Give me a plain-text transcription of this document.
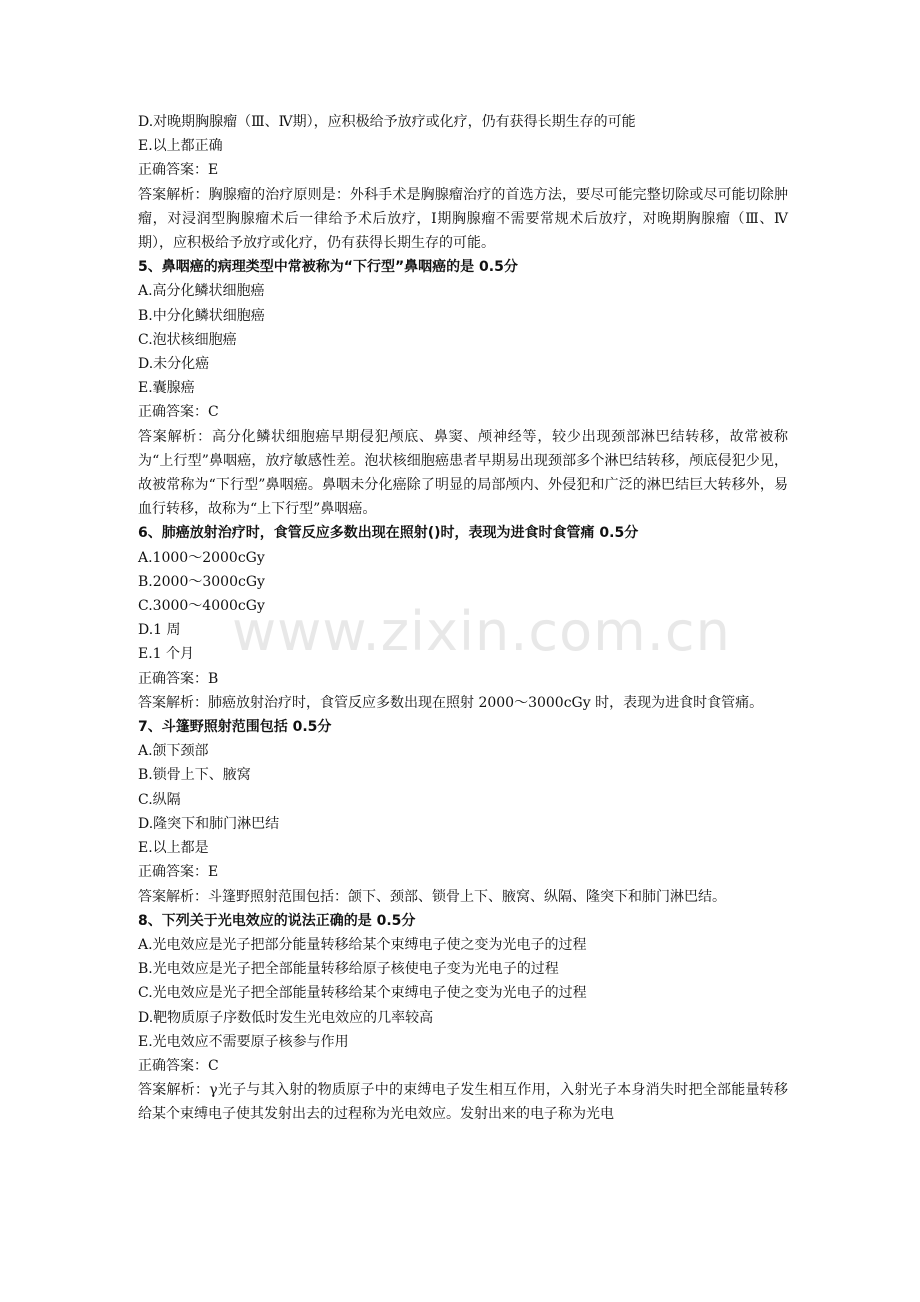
D.对晚期胸腺瘤（Ⅲ、Ⅳ期），应积极给予放疗或化疗，仍有获得长期生存的可能
E.以上都正确
正确答案：E
答案解析：胸腺瘤的治疗原则是：外科手术是胸腺瘤治疗的首选方法，要尽可能完整切除或尽可能切除肿瘤，对浸润型胸腺瘤术后一律给予术后放疗，Ⅰ期胸腺瘤不需要常规术后放疗，对晚期胸腺瘤（Ⅲ、Ⅳ期），应积极给予放疗或化疗，仍有获得长期生存的可能。
5、鼻咽癌的病理类型中常被称为“下行型”鼻咽癌的是 0.5分
A.高分化鳞状细胞癌
B.中分化鳞状细胞癌
C.泡状核细胞癌
D.未分化癌
E.囊腺癌
正确答案：C
答案解析：高分化鳞状细胞癌早期侵犯颅底、鼻窦、颅神经等，较少出现颈部淋巴结转移，故常被称为“上行型”鼻咽癌，放疗敏感性差。泡状核细胞癌患者早期易出现颈部多个淋巴结转移，颅底侵犯少见，故被常称为“下行型”鼻咽癌。鼻咽未分化癌除了明显的局部颅内、外侵犯和广泛的淋巴结巨大转移外，易血行转移，故称为“上下行型”鼻咽癌。
6、肺癌放射治疗时，食管反应多数出现在照射()时，表现为进食时食管痛 0.5分
A.1000～2000cGy
B.2000～3000cGy
C.3000～4000cGy
D.1 周
E.1 个月
正确答案：B
答案解析：肺癌放射治疗时，食管反应多数出现在照射 2000～3000cGy 时，表现为进食时食管痛。
7、斗篷野照射范围包括 0.5分
A.颌下颈部
B.锁骨上下、腋窝
C.纵隔
D.隆突下和肺门淋巴结
E.以上都是
正确答案：E
答案解析：斗篷野照射范围包括：颌下、颈部、锁骨上下、腋窝、纵隔、隆突下和肺门淋巴结。
8、下列关于光电效应的说法正确的是 0.5分
A.光电效应是光子把部分能量转移给某个束缚电子使之变为光电子的过程
B.光电效应是光子把全部能量转移给原子核使电子变为光电子的过程
C.光电效应是光子把全部能量转移给某个束缚电子使之变为光电子的过程
D.靶物质原子序数低时发生光电效应的几率较高
E.光电效应不需要原子核参与作用
正确答案：C
答案解析：γ光子与其入射的物质原子中的束缚电子发生相互作用，入射光子本身消失时把全部能量转移给某个束缚电子使其发射出去的过程称为光电效应。发射出来的电子称为光电
www.zixin.com.cn
